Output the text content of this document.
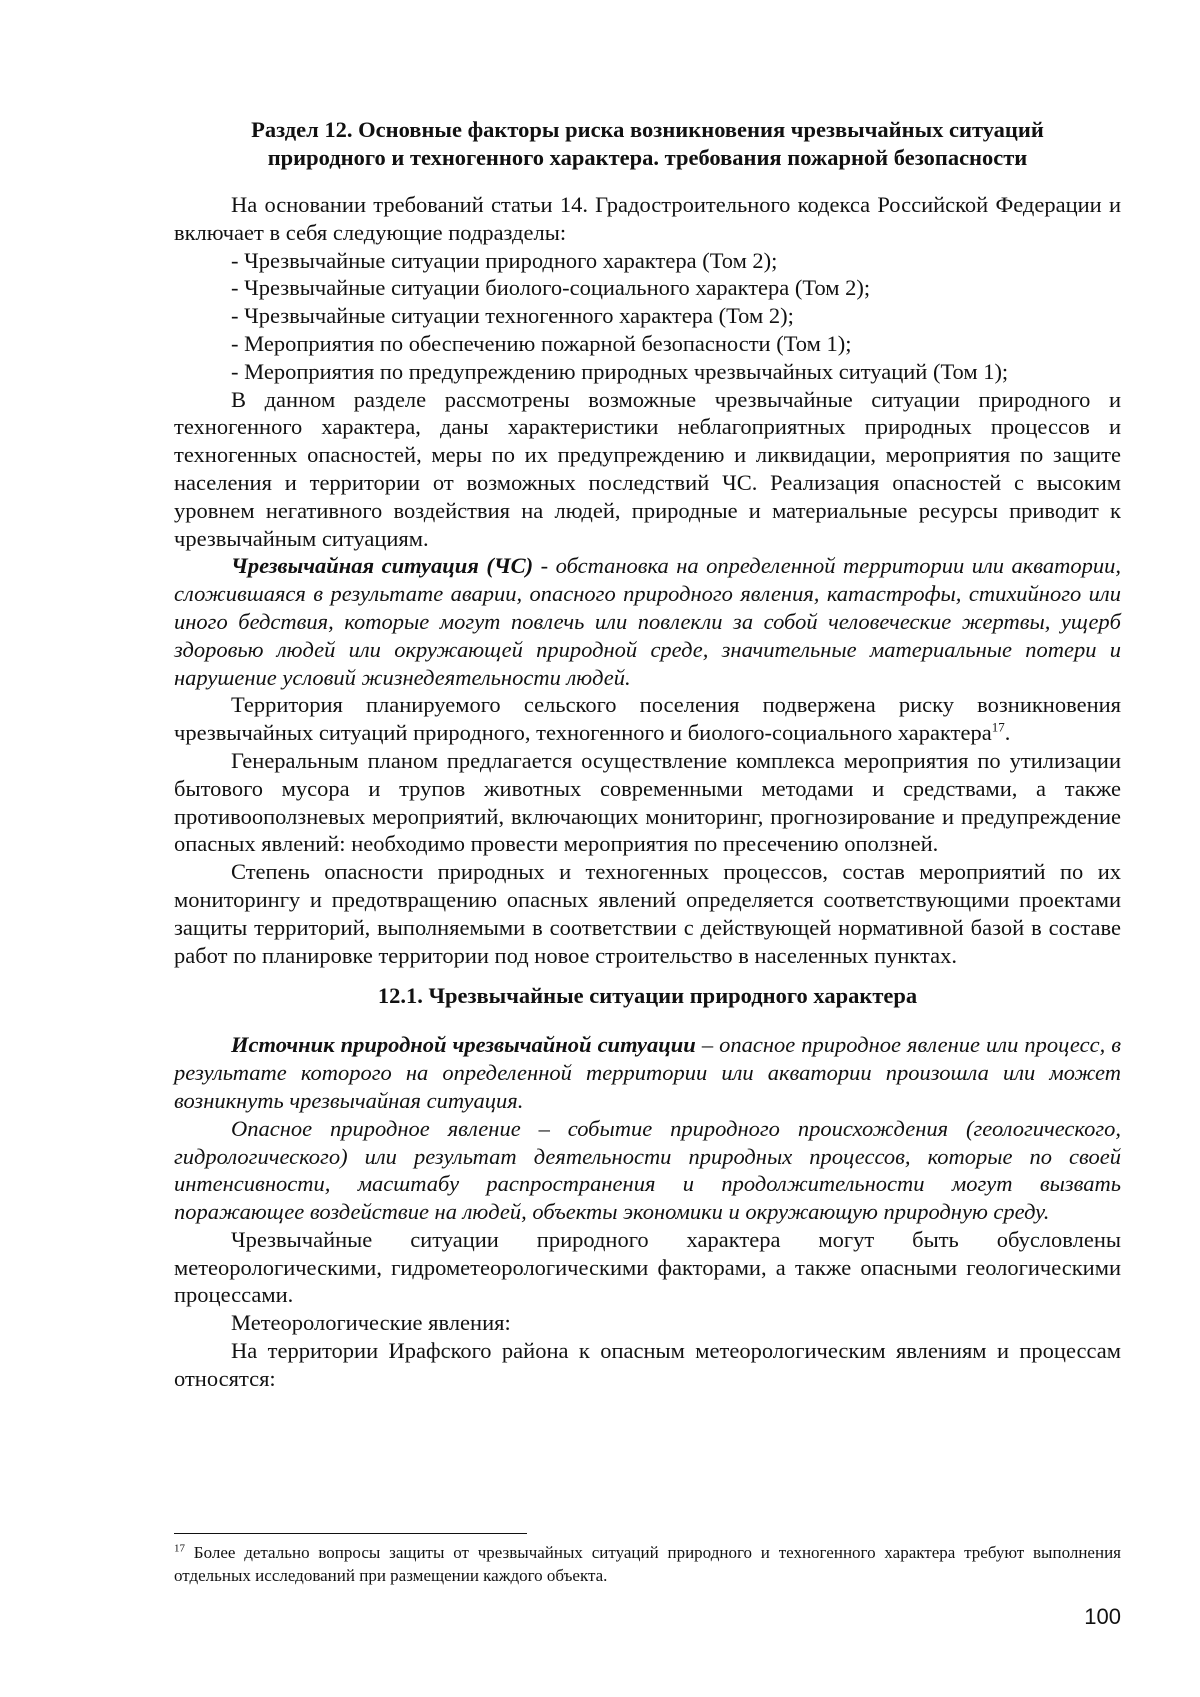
Раздел 12. Основные факторы риска возникновения чрезвычайных ситуаций
природного и техногенного характера. требования пожарной безопасности

На основании требований статьи 14. Градостроительного кодекса Российской Федерации и включает в себя следующие подразделы:

- Чрезвычайные ситуации природного характера (Том 2);

- Чрезвычайные ситуации биолого-социального характера (Том 2);

- Чрезвычайные ситуации техногенного характера (Том 2);

- Мероприятия по обеспечению пожарной безопасности (Том 1);

- Мероприятия по предупреждению природных чрезвычайных ситуаций (Том 1);

В данном разделе рассмотрены возможные чрезвычайные ситуации природного и техногенного характера, даны характеристики неблагоприятных природных процессов и техногенных опасностей, меры по их предупреждению и ликвидации, мероприятия по защите населения и территории от возможных последствий ЧС. Реализация опасностей с высоким уровнем негативного воздействия на людей, природные и материальные ресурсы приводит к чрезвычайным ситуациям.

Чрезвычайная ситуация (ЧС) - обстановка на определенной территории или акватории, сложившаяся в результате аварии, опасного природного явления, катастрофы, стихийного или иного бедствия, которые могут повлечь или повлекли за собой человеческие жертвы, ущерб здоровью людей или окружающей природной среде, значительные материальные потери и нарушение условий жизнедеятельности людей.

Территория планируемого сельского поселения подвержена риску возникновения чрезвычайных ситуаций природного, техногенного и биолого-социального характера$^{17}$.

Генеральным планом предлагается осуществление комплекса мероприятия по утилизации бытового мусора и трупов животных современными методами и средствами, а также противооползневых мероприятий, включающих мониторинг, прогнозирование и предупреждение опасных явлений: необходимо провести мероприятия по пресечению оползней.

Степень опасности природных и техногенных процессов, состав мероприятий по их мониторингу и предотвращению опасных явлений определяется соответствующими проектами защиты территорий, выполняемыми в соответствии с действующей нормативной базой в составе работ по планировке территории под новое строительство в населенных пунктах.

12.1. Чрезвычайные ситуации природного характера

Источник природной чрезвычайной ситуации – опасное природное явление или процесс, в результате которого на определенной территории или акватории произошла или может возникнуть чрезвычайная ситуация.

Опасное природное явление – событие природного происхождения (геологического, гидрологического) или результат деятельности природных процессов, которые по своей интенсивности, масштабу распространения и продолжительности могут вызвать поражающее воздействие на людей, объекты экономики и окружающую природную среду.

Чрезвычайные ситуации природного характера могут быть обусловлены метеорологическими, гидрометеорологическими факторами, а также опасными геологическими процессами.

Метеорологические явления:

На территории Ирафского района к опасным метеорологическим явлениям и процессам относятся:

$^{17}$ Более детально вопросы защиты от чрезвычайных ситуаций природного и техногенного характера требуют выполнения отдельных исследований при размещении каждого объекта.
100
